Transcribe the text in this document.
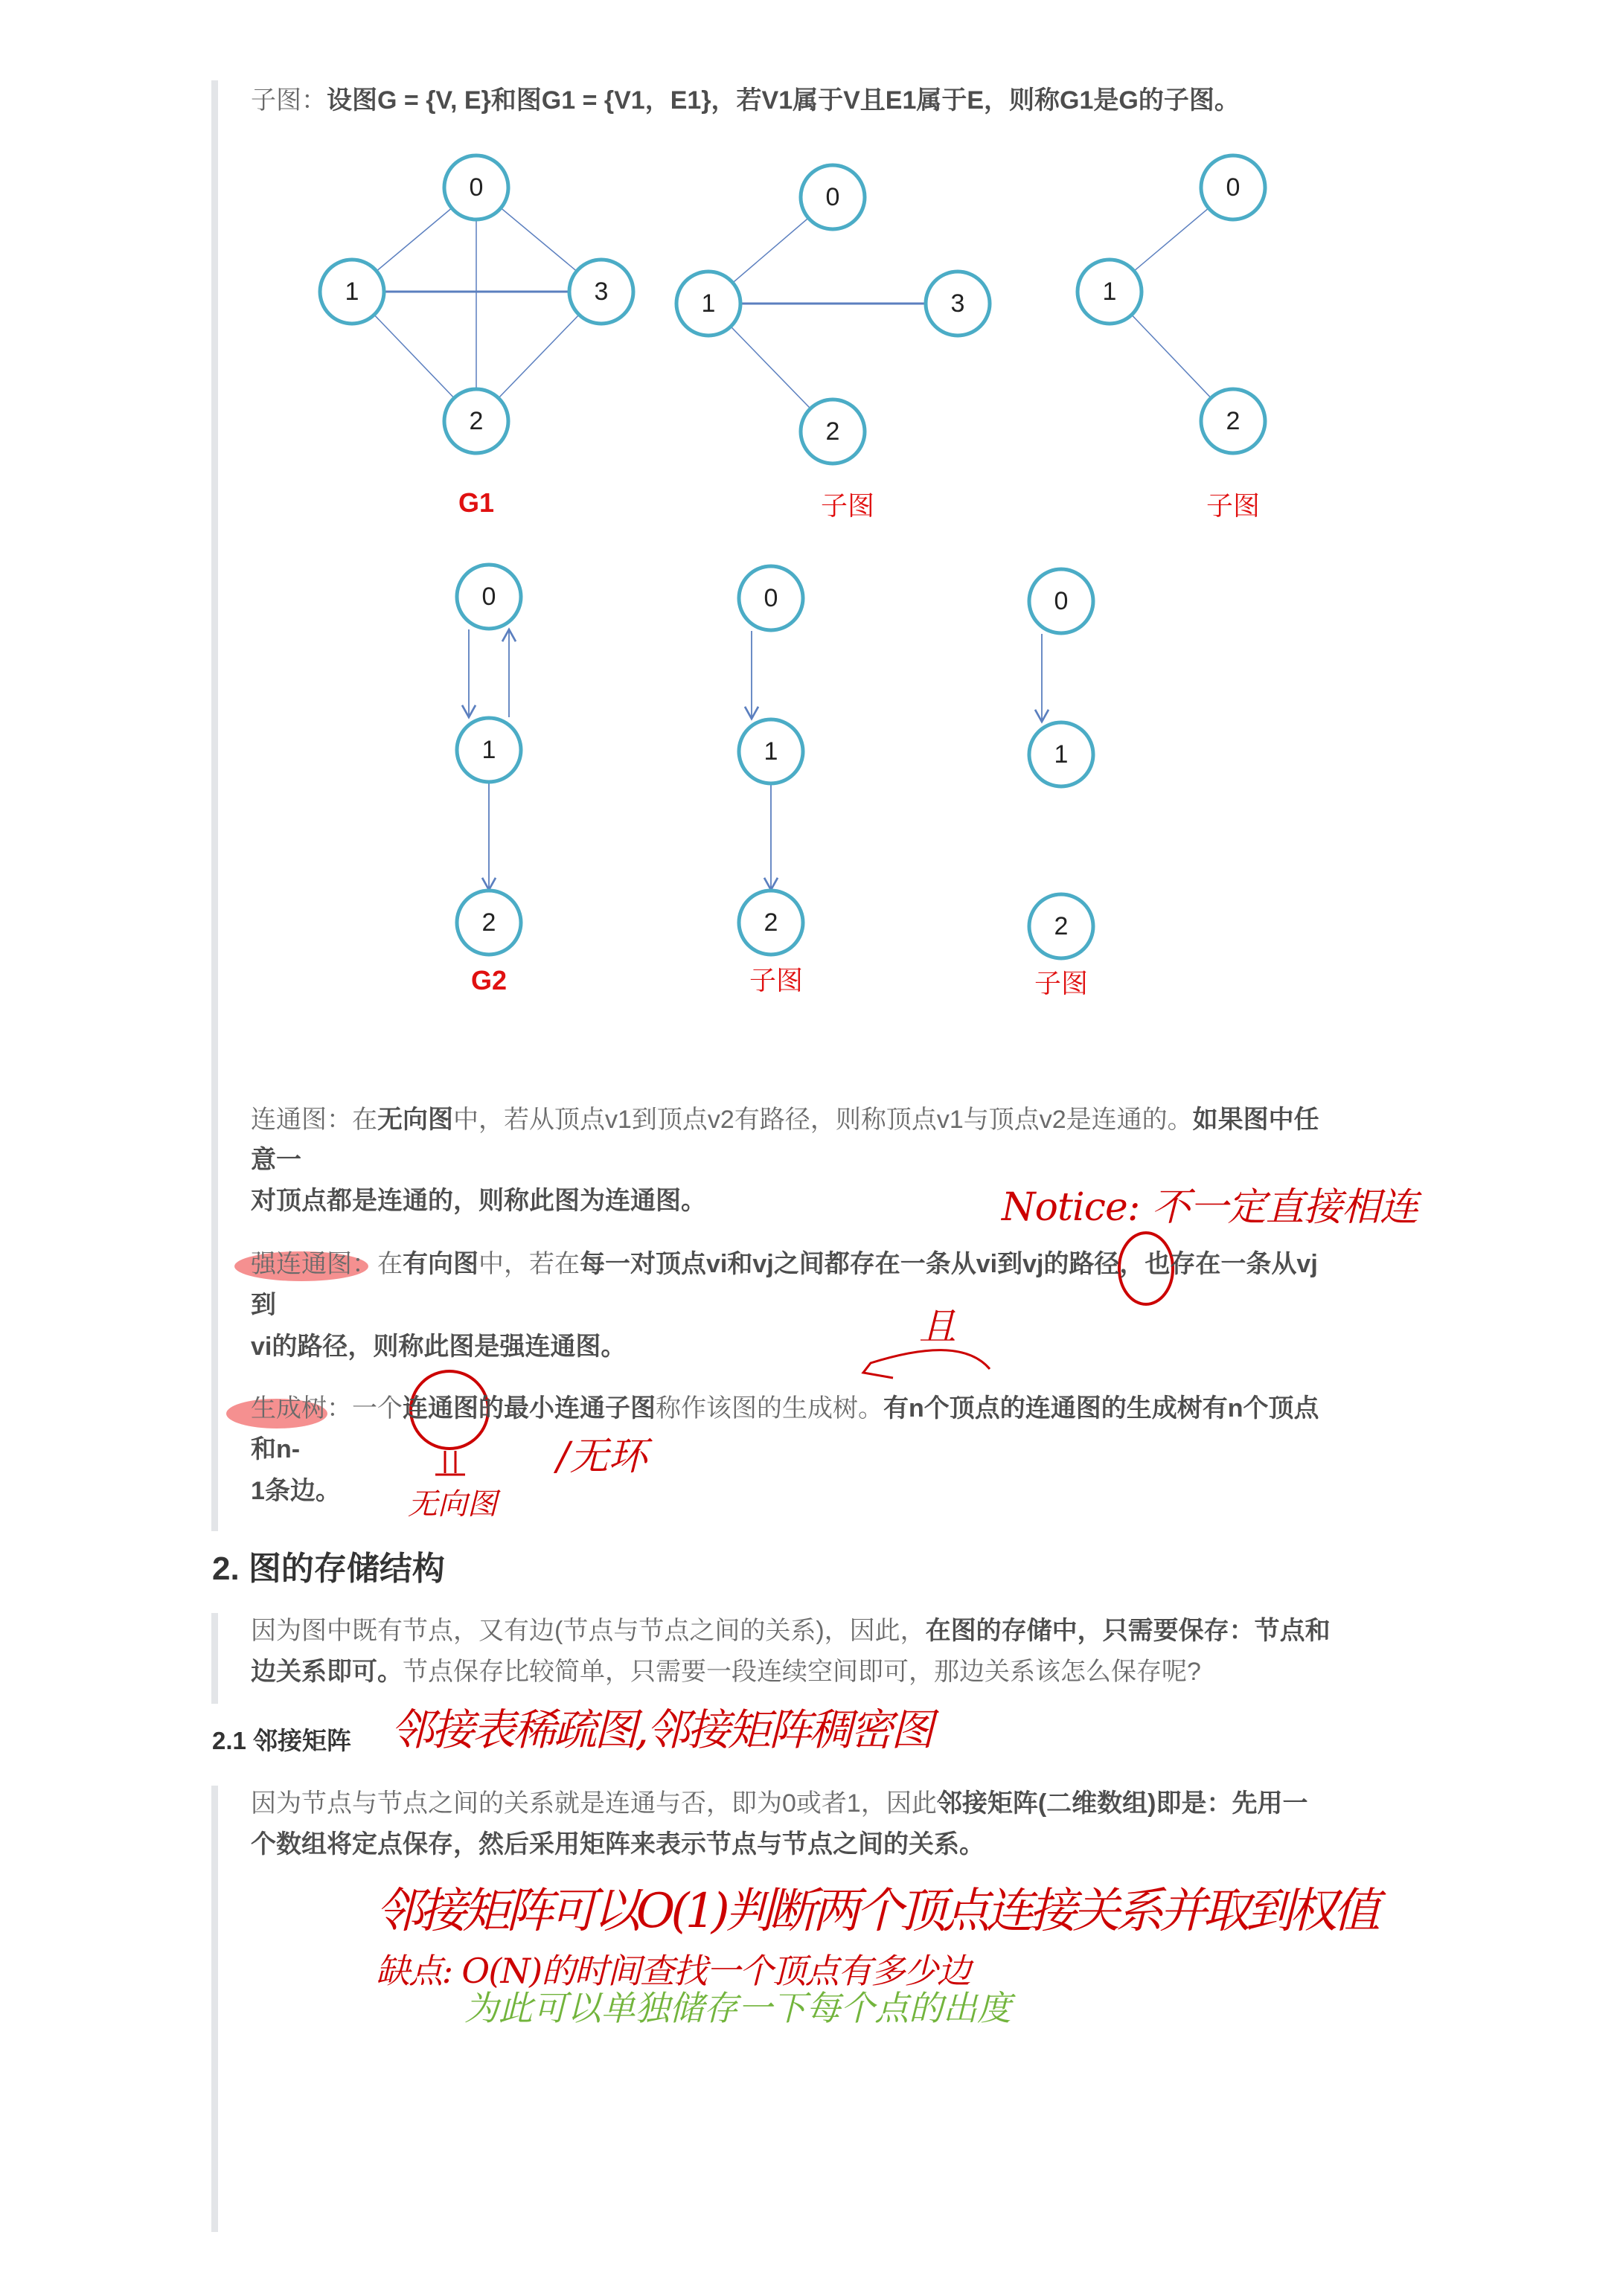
Notice: 不一定直接相连
且
无向图
/无环
邻接表稀疏图,邻接矩阵稠密图
邻接矩阵可以O(1)判断两个顶点连接关系并取到权值
缺点: O(N)的时间查找一个顶点有多少边
为此可以单独储存一下每个点的出度
0
1
2
3
G1
0
1
2
3
子图
0
1
2
子图
0
1
2
G2
0
1
2
子图
0
1
2
子图
子图：设图G = {V, E}和图G1 = {V1，E1}，若V1属于V且E1属于E，则称G1是G的子图。
连通图：在无向图中，若从顶点v1到顶点v2有路径，则称顶点v1与顶点v2是连通的。如果图中任
意一
对顶点都是连通的，则称此图为连通图。
强连通图：在有向图中，若在每一对顶点vi和vj之间都存在一条从vi到vj的路径，也存在一条从vj
到
vi的路径，则称此图是强连通图。
生成树：一个连通图的最小连通子图称作该图的生成树。有n个顶点的连通图的生成树有n个顶点
和n-
1条边。
因为图中既有节点，又有边(节点与节点之间的关系)，因此，在图的存储中，只需要保存：节点和
边关系即可。节点保存比较简单，只需要一段连续空间即可，那边关系该怎么保存呢?
因为节点与节点之间的关系就是连通与否，即为0或者1，因此邻接矩阵(二维数组)即是：先用一
个数组将定点保存，然后采用矩阵来表示节点与节点之间的关系。
2. 图的存储结构
2.1 邻接矩阵
